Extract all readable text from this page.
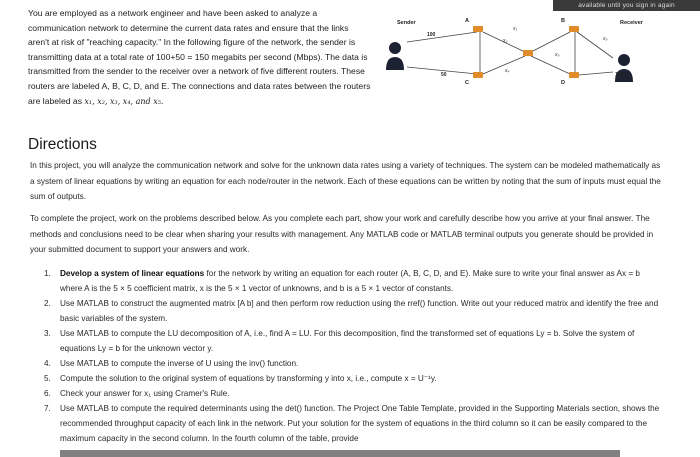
available until you sign in again
You are employed as a network engineer and have been asked to analyze a communication network to determine the current data rates and ensure that the links aren't at risk of "reaching capacity." In the following figure of the network, the sender is transmitting data at a total rate of 100+50 = 150 megabits per second (Mbps). The data is transmitted from the sender to the receiver over a network of five different routers. These routers are labeled A, B, C, D, and E. The connections and data rates between the routers are labeled as x₁, x₂, x₃, x₄, and x₅.
Sender	Receiver
A	B
C	D
100
50	120
x₁
x₂	x₃
x₄
x₅
Directions

In this project, you will analyze the communication network and solve for the unknown data rates using a variety of techniques. The system can be modeled mathematically as a system of linear equations by writing an equation for each node/router in the network. Each of these equations can be written by noting that the sum of inputs must equal the sum of outputs.

To complete the project, work on the problems described below. As you complete each part, show your work and carefully describe how you arrive at your final answer. The methods and conclusions need to be clear when sharing your results with management. Any MATLAB code or MATLAB terminal outputs you generate should be provided in your submitted document to support your answers and work.

1. Develop a system of linear equations for the network by writing an equation for each router (A, B, C, D, and E). Make sure to write your final answer as Ax = b where A is the 5 × 5 coefficient matrix, x is the 5 × 1 vector of unknowns, and b is a 5 × 1 vector of constants.
2. Use MATLAB to construct the augmented matrix [A b] and then perform row reduction using the rref() function. Write out your reduced matrix and identify the free and basic variables of the system.
3. Use MATLAB to compute the LU decomposition of A, i.e., find A = LU. For this decomposition, find the transformed set of equations Ly = b. Solve the system of equations Ly = b for the unknown vector y.
4. Use MATLAB to compute the inverse of U using the inv() function.
5. Compute the solution to the original system of equations by transforming y into x, i.e., compute x = U⁻¹y.
6. Check your answer for x₁ using Cramer's Rule.
7. Use MATLAB to compute the required determinants using the det() function. The Project One Table Template, provided in the Supporting Materials section, shows the recommended throughput capacity of each link in the network. Put your solution for the system of equations in the third column so it can be easily compared to the maximum capacity in the second column. In the fourth column of the table, provide
